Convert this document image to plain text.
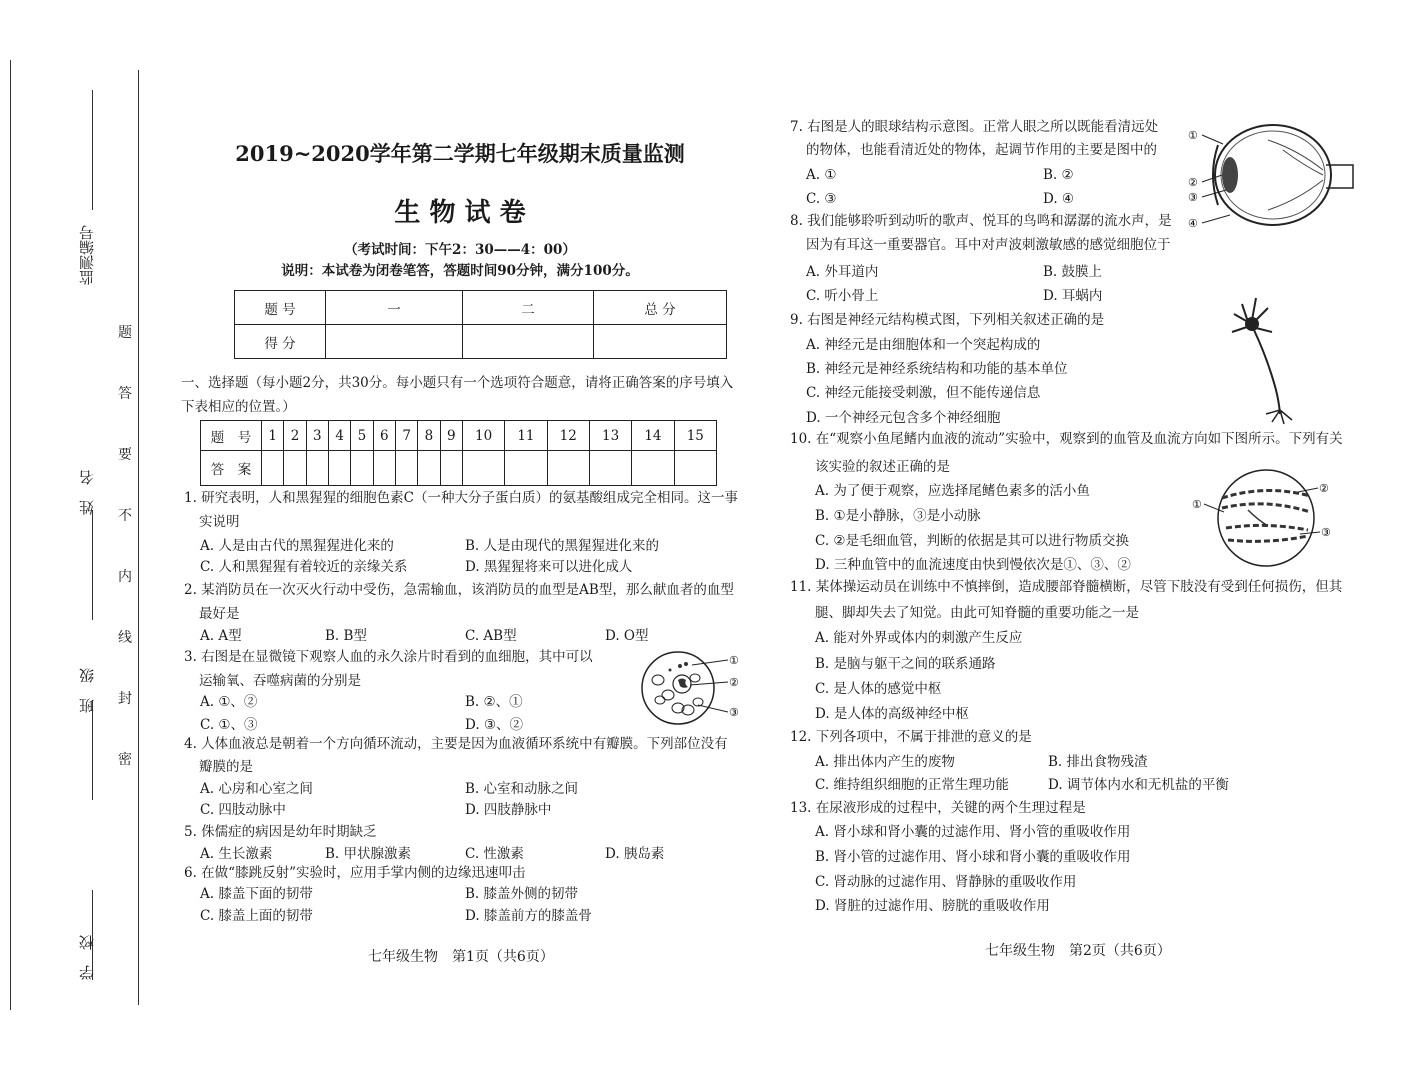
监测编号
姓　名
班　级
学　校
题
答
要
不
内
线
封
密
2019~2020学年第二学期七年级期末质量监测
生 物 试 卷
（考试时间：下午2：30——4：00）
说明：本试卷为闭卷笔答，答题时间90分钟，满分100分。
题 号	一	二	总 分
得 分			
一、选择题（每小题2分，共30分。每小题只有一个选项符合题意，请将正确答案的序号填入
下表相应的位置。）
题　号	1	2	3	4	5	6	7	8	9	10	11	12	13	14	15
答　案															
1. 研究表明，人和黑猩猩的细胞色素C（一种大分子蛋白质）的氨基酸组成完全相同。这一事
实说明
A. 人是由古代的黑猩猩进化来的	B. 人是由现代的黑猩猩进化来的
C. 人和黑猩猩有着较近的亲缘关系	D. 黑猩猩将来可以进化成人
2. 某消防员在一次灭火行动中受伤，急需输血，该消防员的血型是AB型，那么献血者的血型
最好是
A. A型	B. B型	C. AB型	D. O型
3. 右图是在显微镜下观察人血的永久涂片时看到的血细胞，其中可以
运输氧、吞噬病菌的分别是
A. ①、②	B. ②、①
C. ①、③	D. ③、②
4. 人体血液总是朝着一个方向循环流动，主要是因为血液循环系统中有瓣膜。下列部位没有
瓣膜的是
A. 心房和心室之间	B. 心室和动脉之间
C. 四肢动脉中	D. 四肢静脉中
5. 侏儒症的病因是幼年时期缺乏
A. 生长激素	B. 甲状腺激素	C. 性激素	D. 胰岛素
6. 在做“膝跳反射”实验时，应用手掌内侧的边缘迅速叩击
A. 膝盖下面的韧带	B. 膝盖外侧的韧带
C. 膝盖上面的韧带	D. 膝盖前方的膝盖骨
①
②
③
7. 右图是人的眼球结构示意图。正常人眼之所以既能看清远处
的物体，也能看清近处的物体，起调节作用的主要是图中的
A. ①	B. ②
C. ③	D. ④
8. 我们能够聆听到动听的歌声、悦耳的鸟鸣和潺潺的流水声，是
因为有耳这一重要器官。耳中对声波刺激敏感的感觉细胞位于
A. 外耳道内	B. 鼓膜上
C. 听小骨上	D. 耳蜗内
9. 右图是神经元结构模式图，下列相关叙述正确的是
A. 神经元是由细胞体和一个突起构成的
B. 神经元是神经系统结构和功能的基本单位
C. 神经元能接受刺激，但不能传递信息
D. 一个神经元包含多个神经细胞
10. 在“观察小鱼尾鳍内血液的流动”实验中，观察到的血管及血流方向如下图所示。下列有关
该实验的叙述正确的是
A. 为了便于观察，应选择尾鳍色素多的活小鱼
B. ①是小静脉，③是小动脉
C. ②是毛细血管，判断的依据是其可以进行物质交换
D. 三种血管中的血流速度由快到慢依次是①、③、②
11. 某体操运动员在训练中不慎摔倒，造成腰部脊髓横断，尽管下肢没有受到任何损伤，但其
腿、脚却失去了知觉。由此可知脊髓的重要功能之一是
A. 能对外界或体内的刺激产生反应
B. 是脑与躯干之间的联系通路
C. 是人体的感觉中枢
D. 是人体的高级神经中枢
12. 下列各项中，不属于排泄的意义的是
A. 排出体内产生的废物	B. 排出食物残渣
C. 维持组织细胞的正常生理功能	D. 调节体内水和无机盐的平衡
13. 在尿液形成的过程中，关键的两个生理过程是
A. 肾小球和肾小囊的过滤作用、肾小管的重吸收作用
B. 肾小管的过滤作用、肾小球和肾小囊的重吸收作用
C. 肾动脉的过滤作用、肾静脉的重吸收作用
D. 肾脏的过滤作用、膀胱的重吸收作用
①
②
③
④
①
②
③
七年级生物　第1页（共6页）	七年级生物　第2页（共6页）
